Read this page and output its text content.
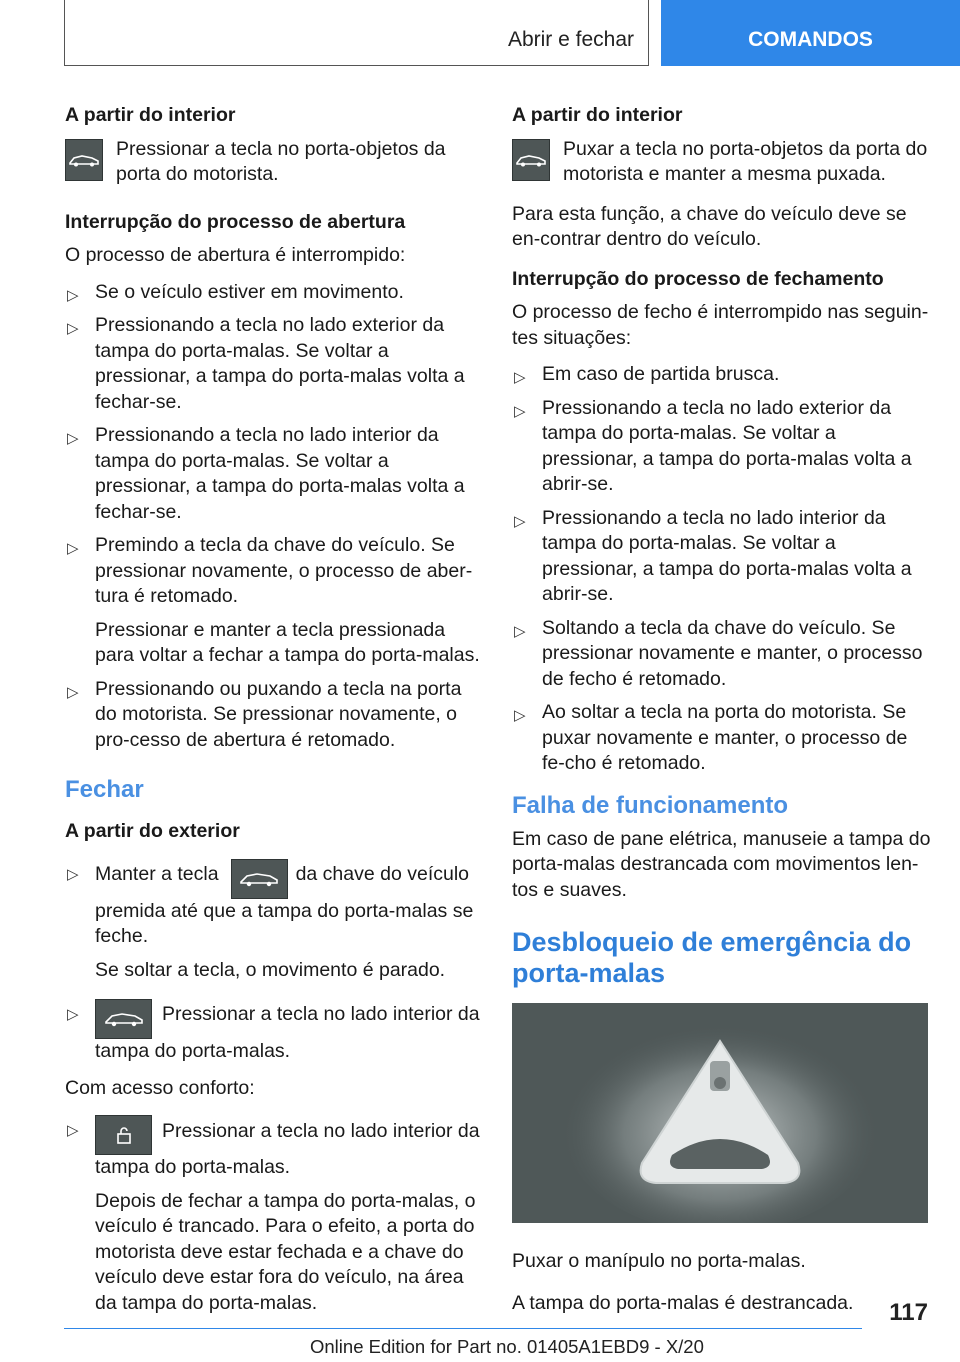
Abrir e fechar	COMANDOS
A partir do interior
Pressionar a tecla no porta-objetos da porta do motorista.
Interrupção do processo de abertura

O processo de abertura é interrompido:

▷ Se o veículo estiver em movimento.
▷ Pressionando a tecla no lado exterior da tampa do porta-malas. Se voltar a pressionar, a tampa do porta-malas volta a fechar-se.
▷ Pressionando a tecla no lado interior da tampa do porta-malas. Se voltar a pressionar, a tampa do porta-malas volta a fechar-se.
▷ Premindo a tecla da chave do veículo. Se pressionar novamente, o processo de aber-tura é retomado.
Pressionar e manter a tecla pressionada para voltar a fechar a tampa do porta-malas.
▷ Pressionando ou puxando a tecla na porta do motorista. Se pressionar novamente, o pro-cesso de abertura é retomado.
Fechar
A partir do exterior
▷ Manter a tecla	da chave do veículo premida até que a tampa do porta-malas se feche.
Se soltar a tecla, o movimento é parado.
▷	Pressionar a tecla no lado interior da tampa do porta-malas.

Com acesso conforto:

▷	Pressionar a tecla no lado interior da tampa do porta-malas.
Depois de fechar a tampa do porta-malas, o veículo é trancado. Para o efeito, a porta do motorista deve estar fechada e a chave do veículo deve estar fora do veículo, na área da tampa do porta-malas.
A partir do interior
Puxar a tecla no porta-objetos da porta do motorista e manter a mesma puxada.

Para esta função, a chave do veículo deve se en-contrar dentro do veículo.

Interrupção do processo de fechamento

O processo de fecho é interrompido nas seguin-tes situações:

▷ Em caso de partida brusca.
▷ Pressionando a tecla no lado exterior da tampa do porta-malas. Se voltar a pressionar, a tampa do porta-malas volta a abrir-se.
▷ Pressionando a tecla no lado interior da tampa do porta-malas. Se voltar a pressionar, a tampa do porta-malas volta a abrir-se.
▷ Soltando a tecla da chave do veículo. Se pressionar novamente e manter, o processo de fecho é retomado.
▷ Ao soltar a tecla na porta do motorista. Se puxar novamente e manter, o processo de fe-cho é retomado.
Falha de funcionamento

Em caso de pane elétrica, manuseie a tampa do porta-malas destrancada com movimentos len-tos e suaves.

Desbloqueio de emergência do porta-malas

Puxar o manípulo no porta-malas.

A tampa do porta-malas é destrancada.	117
Online Edition for Part no. 01405A1EBD9 - X/20
